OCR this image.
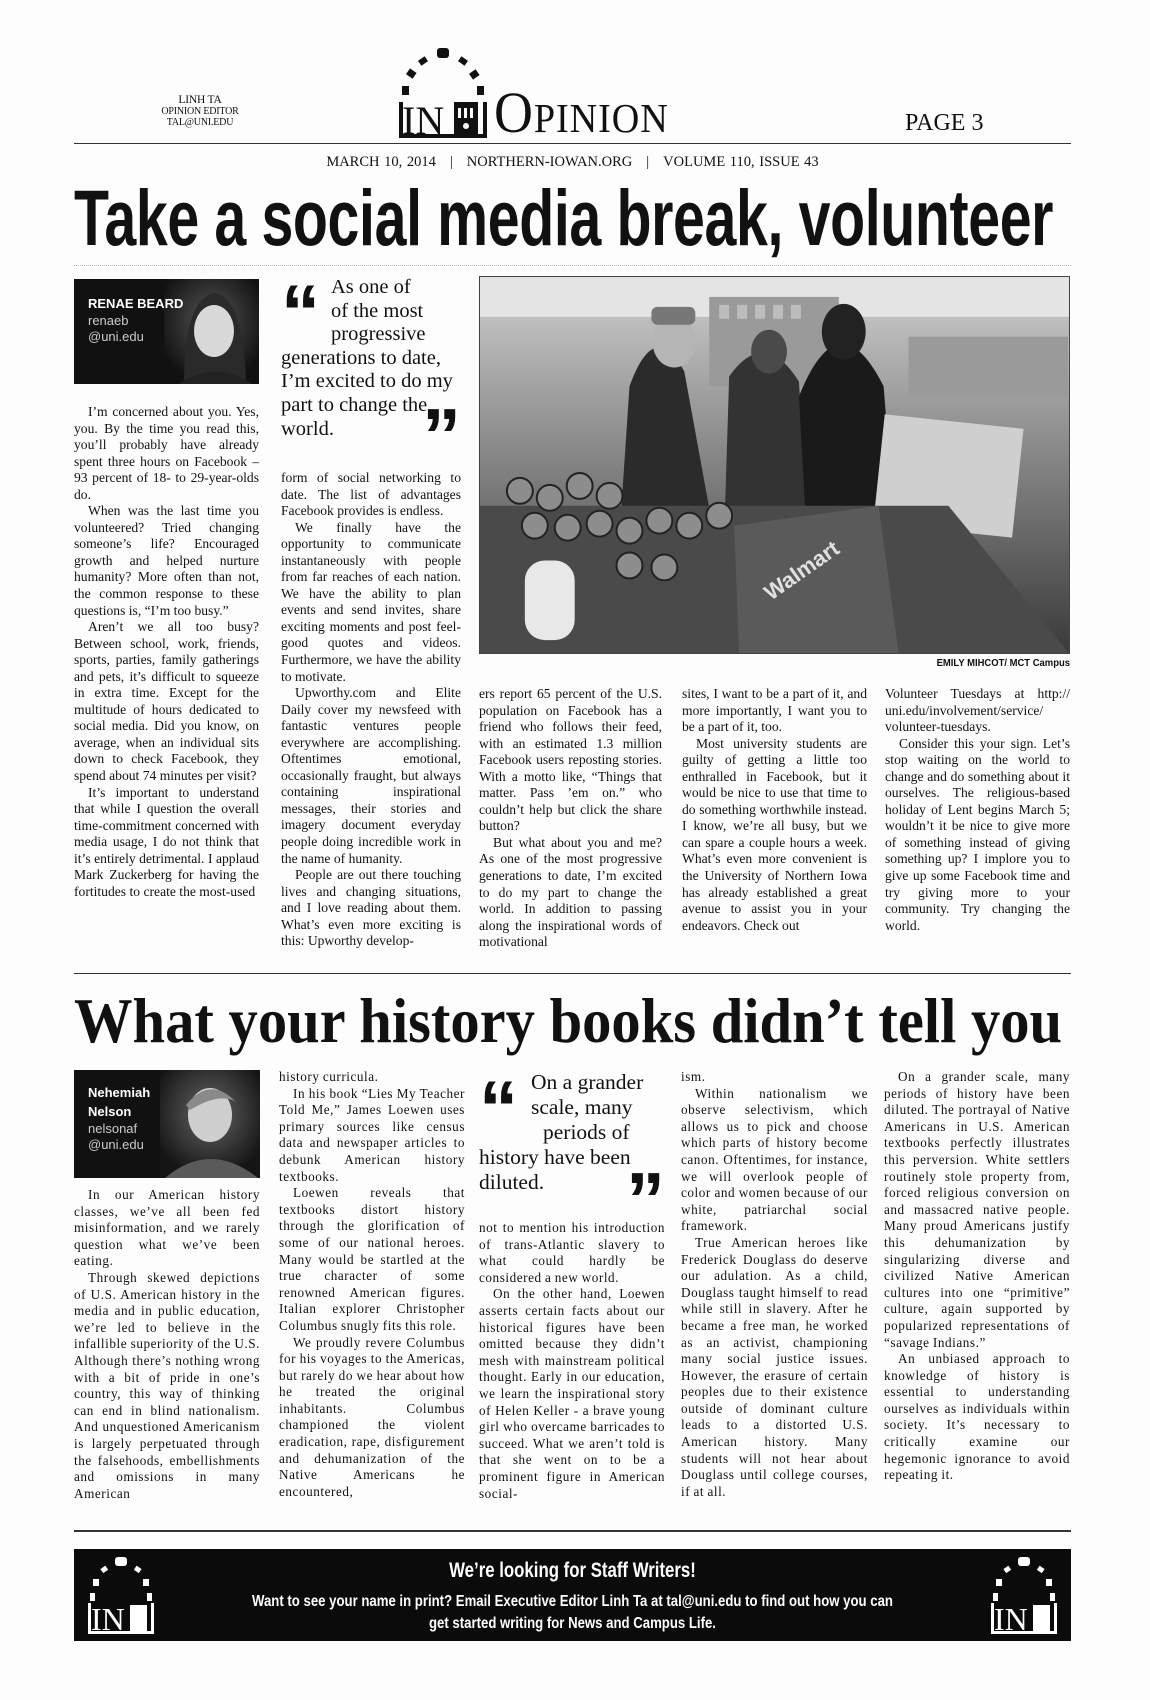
LINH TA
OPINION EDITOR
TAL@UNI.EDU	IN Opinion	PAGE 3
MARCH 10, 2014 | NORTHERN-IOWAN.ORG | VOLUME 110, ISSUE 43
Take a social media break, volunteer
RENAE BEARD
renaeb
@uni.edu “ As one of
of the most
progressive
generations to date,
I’m excited to do my
part to change the
world.	”
Walmart
EMILY MIHCOT/ MCT Campus

I’m concerned about you. Yes, you. By the time you read this, you’ll probably have already spent three hours on Facebook – 93 percent of 18- to 29-year-olds do.

When was the last time you volunteered? Tried changing someone’s life? Encouraged growth and helped nurture humanity? More often than not, the common response to these questions is, “I’m too busy.”

Aren’t we all too busy? Between school, work, friends, sports, parties, family gatherings and pets, it’s difficult to squeeze in extra time. Except for the multitude of hours dedicated to social media. Did you know, on average, when an individual sits down to check Facebook, they spend about 74 minutes per visit?

It’s important to understand that while I question the overall time-commitment concerned with media usage, I do not think that it’s entirely detrimental. I applaud Mark Zuckerberg for having the fortitudes to create the most-used

form of social networking to date. The list of advantages Facebook provides is endless.

We finally have the opportunity to communicate instantaneously with people from far reaches of each nation. We have the ability to plan events and send invites, share exciting moments and post feel-good quotes and videos. Furthermore, we have the ability to motivate.

Upworthy.com and Elite Daily cover my newsfeed with fantastic ventures people everywhere are accomplishing. Oftentimes emotional, occasionally fraught, but always containing inspirational messages, their stories and imagery document everyday people doing incredible work in the name of humanity.

People are out there touching lives and changing situations, and I love reading about them. What’s even more exciting is this: Upworthy develop-

ers report 65 percent of the U.S. population on Facebook has a friend who follows their feed, with an estimated 1.3 million Facebook users reposting stories. With a motto like, “Things that matter. Pass ’em on.” who couldn’t help but click the share button?

But what about you and me? As one of the most progressive generations to date, I’m excited to do my part to change the world. In addition to passing along the inspirational words of motivational

sites, I want to be a part of it, and more importantly, I want you to be a part of it, too.

Most university students are guilty of getting a little too enthralled in Facebook, but it would be nice to use that time to do something worthwhile instead. I know, we’re all busy, but we can spare a couple hours a week. What’s even more convenient is the University of Northern Iowa has already established a great avenue to assist you in your endeavors. Check out

Volunteer Tuesdays at http:// uni.edu/involvement/service/ volunteer-tuesdays.

Consider this your sign. Let’s stop waiting on the world to change and do something about it ourselves. The religious-based holiday of Lent begins March 5; wouldn’t it be nice to give more of something instead of giving something up? I implore you to give up some Facebook time and try giving more to your community. Try changing the world.

What your history books didn’t tell you
Nehemiah
Nelson
nelsonaf
@uni.edu	“ On a grander
scale, many
periods of
history have been
diluted.	”

In our American history classes, we’ve all been fed misinformation, and we rarely question what we’ve been eating.

Through skewed depictions of U.S. American history in the media and in public education, we’re led to believe in the infallible superiority of the U.S. Although there’s nothing wrong with a bit of pride in one’s country, this way of thinking can end in blind nationalism. And unquestioned Americanism is largely perpetuated through the falsehoods, embellishments and omissions in many American

history curricula.

In his book “Lies My Teacher Told Me,” James Loewen uses primary sources like census data and newspaper articles to debunk American history textbooks.

Loewen reveals that textbooks distort history through the glorification of some of our national heroes. Many would be startled at the true character of some renowned American figures. Italian explorer Christopher Columbus snugly fits this role.

We proudly revere Columbus for his voyages to the Americas, but rarely do we hear about how he treated the original inhabitants. Columbus championed the violent eradication, rape, disfigurement and dehumanization of the Native Americans he encountered,

not to mention his introduction of trans-Atlantic slavery to what could hardly be considered a new world.

On the other hand, Loewen asserts certain facts about our historical figures have been omitted because they didn’t mesh with mainstream political thought. Early in our education, we learn the inspirational story of Helen Keller - a brave young girl who overcame barricades to succeed. What we aren’t told is that she went on to be a prominent figure in American social-

ism.

Within nationalism we observe selectivism, which allows us to pick and choose which parts of history become canon. Oftentimes, for instance, we will overlook people of color and women because of our white, patriarchal social framework.

True American heroes like Frederick Douglass do deserve our adulation. As a child, Douglass taught himself to read while still in slavery. After he became a free man, he worked as an activist, championing many social justice issues. However, the erasure of certain peoples due to their existence outside of dominant culture leads to a distorted U.S. American history. Many students will not hear about Douglass until college courses, if at all.

On a grander scale, many periods of history have been diluted. The portrayal of Native Americans in U.S. American textbooks perfectly illustrates this perversion. White settlers routinely stole property from, forced religious conversion on and massacred native people. Many proud Americans justify this dehumanization by singularizing diverse and civilized Native American cultures into one “primitive” culture, again supported by popularized representations of “savage Indians.”

An unbiased approach to knowledge of history is essential to understanding ourselves as individuals within society. It’s necessary to critically examine our hegemonic ignorance to avoid repeating it.

IN
We’re looking for Staff Writers!
Want to see your name in print? Email Executive Editor Linh Ta at tal@uni.edu to find out how you can get started writing for News and Campus Life.	IN
